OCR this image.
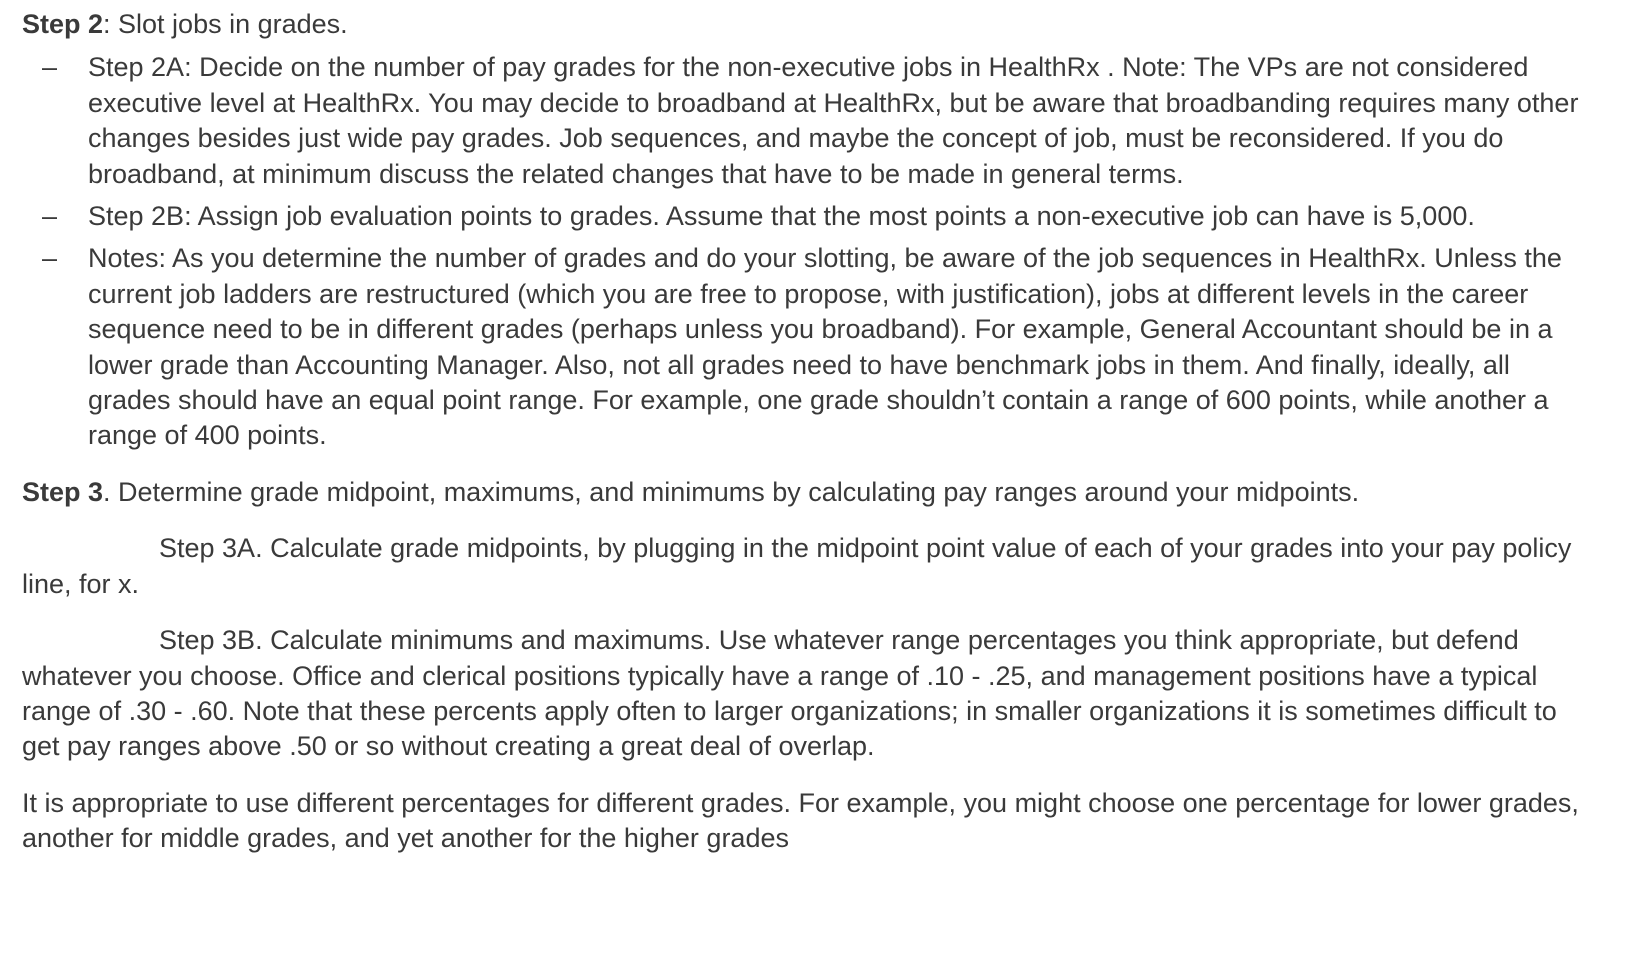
Step 2: Slot jobs in grades.

– Step 2A: Decide on the number of pay grades for the non-executive jobs in HealthRx . Note: The VPs are not considered executive level at HealthRx. You may decide to broadband at HealthRx, but be aware that broadbanding requires many other changes besides just wide pay grades. Job sequences, and maybe the concept of job, must be reconsidered. If you do broadband, at minimum discuss the related changes that have to be made in general terms.
– Step 2B: Assign job evaluation points to grades. Assume that the most points a non-executive job can have is 5,000.
– Notes: As you determine the number of grades and do your slotting, be aware of the job sequences in HealthRx. Unless the current job ladders are restructured (which you are free to propose, with justification), jobs at different levels in the career sequence need to be in different grades (perhaps unless you broadband). For example, General Accountant should be in a lower grade than Accounting Manager. Also, not all grades need to have benchmark jobs in them. And finally, ideally, all grades should have an equal point range. For example, one grade shouldn’t contain a range of 600 points, while another a range of 400 points.

Step 3. Determine grade midpoint, maximums, and minimums by calculating pay ranges around your midpoints.

Step 3A. Calculate grade midpoints, by plugging in the midpoint point value of each of your grades into your pay policy line, for x.

Step 3B. Calculate minimums and maximums. Use whatever range percentages you think appropriate, but defend whatever you choose. Office and clerical positions typically have a range of .10 - .25, and management positions have a typical range of .30 - .60. Note that these percents apply often to larger organizations; in smaller organizations it is sometimes difficult to get pay ranges above .50 or so without creating a great deal of overlap.

It is appropriate to use different percentages for different grades. For example, you might choose one percentage for lower grades, another for middle grades, and yet another for the higher grades
